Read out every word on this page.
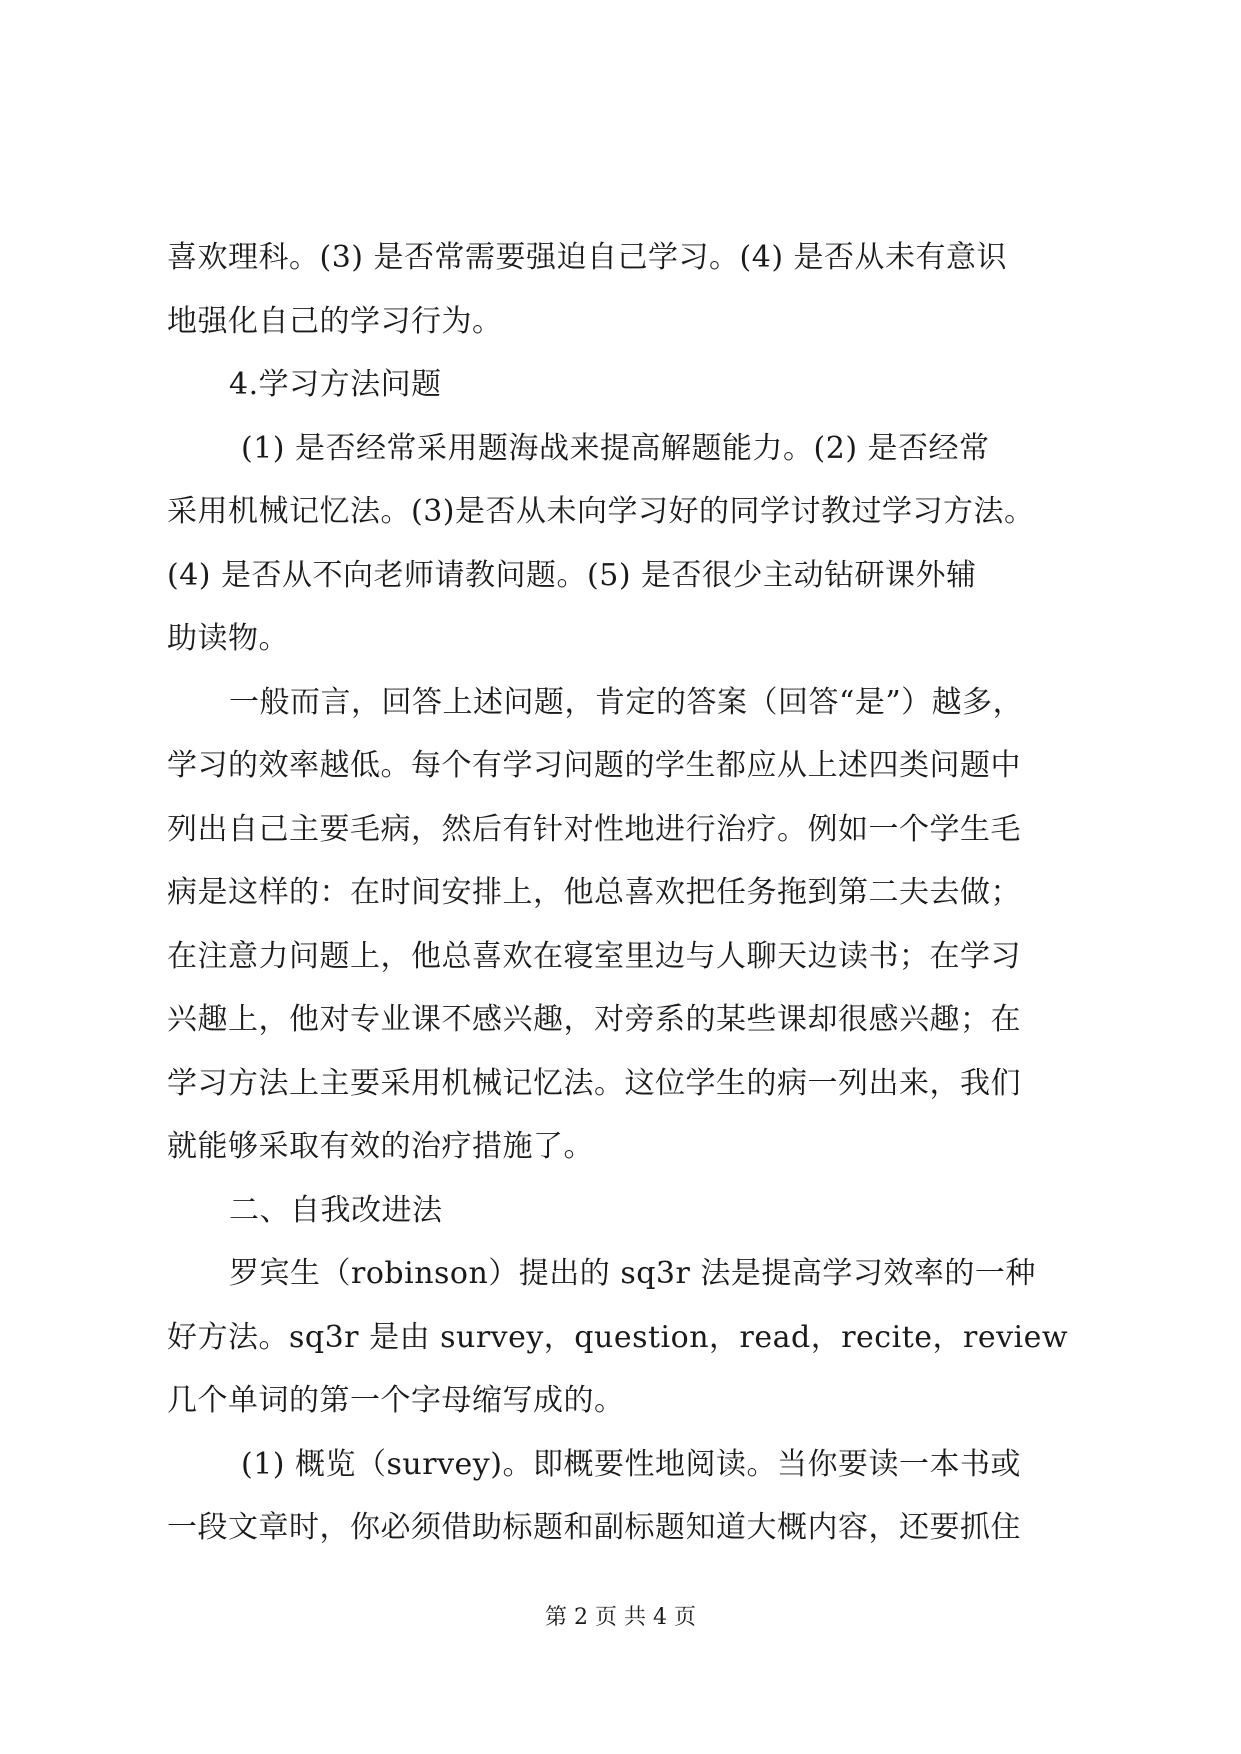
喜欢理科。(3) 是否常需要强迫自己学习。(4) 是否从未有意识
地强化自己的学习行为。
4.学习方法问题
(1) 是否经常采用题海战来提高解题能力。(2) 是否经常
采用机械记忆法。(3)是否从未向学习好的同学讨教过学习方法。
(4) 是否从不向老师请教问题。(5) 是否很少主动钻研课外辅
助读物。
一般而言，回答上述问题，肯定的答案（回答“是”）越多，
学习的效率越低。每个有学习问题的学生都应从上述四类问题中
列出自己主要毛病，然后有针对性地进行治疗。例如一个学生毛
病是这样的：在时间安排上，他总喜欢把任务拖到第二夫去做；
在注意力问题上，他总喜欢在寝室里边与人聊天边读书；在学习
兴趣上，他对专业课不感兴趣，对旁系的某些课却很感兴趣；在
学习方法上主要采用机械记忆法。这位学生的病一列出来，我们
就能够采取有效的治疗措施了。
二、自我改进法
罗宾生（robinson）提出的 sq3r 法是提高学习效率的一种
好方法。sq3r 是由 survey，question，read，recite，review
几个单词的第一个字母缩写成的。
(1) 概览（survey)。即概要性地阅读。当你要读一本书或
一段文章时，你必须借助标题和副标题知道大概内容，还要抓住
第 2 页 共 4 页
